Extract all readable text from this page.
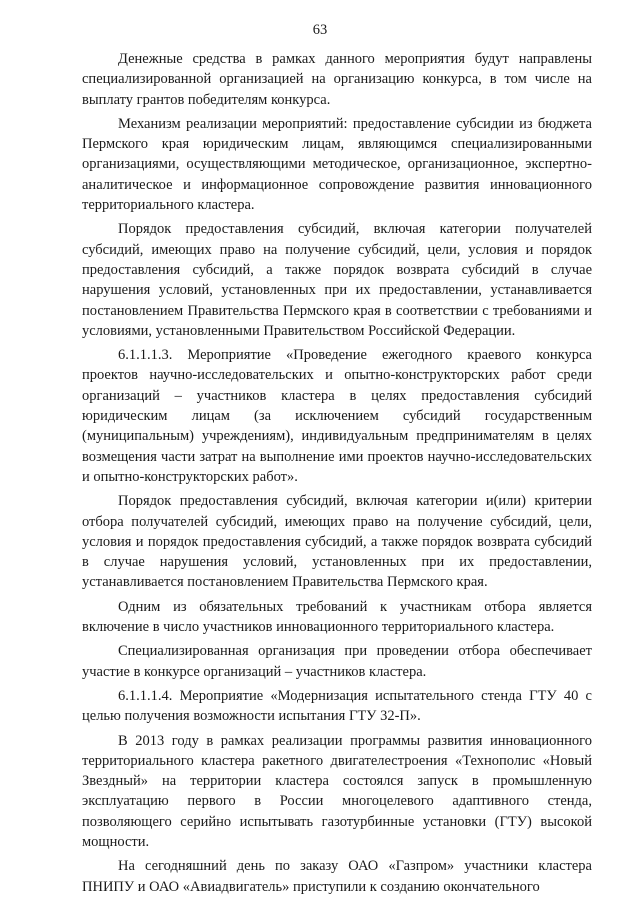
63

Денежные средства в рамках данного мероприятия будут направлены специализированной организацией на организацию конкурса, в том числе на выплату грантов победителям конкурса.

Механизм реализации мероприятий: предоставление субсидии из бюджета Пермского края юридическим лицам, являющимся специализированными организациями, осуществляющими методическое, организационное, экспертно-аналитическое и информационное сопровождение развития инновационного территориального кластера.

Порядок предоставления субсидий, включая категории получателей субсидий, имеющих право на получение субсидий, цели, условия и порядок предоставления субсидий, а также порядок возврата субсидий в случае нарушения условий, установленных при их предоставлении, устанавливается постановлением Правительства Пермского края в соответствии с требованиями и условиями, установленными Правительством Российской Федерации.

6.1.1.1.3. Мероприятие «Проведение ежегодного краевого конкурса проектов научно-исследовательских и опытно-конструкторских работ среди организаций – участников кластера в целях предоставления субсидий юридическим лицам (за исключением субсидий государственным (муниципальным) учреждениям), индивидуальным предпринимателям в целях возмещения части затрат на выполнение ими проектов научно-исследовательских и опытно-конструкторских работ».

Порядок предоставления субсидий, включая категории и(или) критерии отбора получателей субсидий, имеющих право на получение субсидий, цели, условия и порядок предоставления субсидий, а также порядок возврата субсидий в случае нарушения условий, установленных при их предоставлении, устанавливается постановлением Правительства Пермского края.

Одним из обязательных требований к участникам отбора является включение в число участников инновационного территориального кластера.

Специализированная организация при проведении отбора обеспечивает участие в конкурсе организаций – участников кластера.

6.1.1.1.4. Мероприятие «Модернизация испытательного стенда ГТУ 40 с целью получения возможности испытания ГТУ 32-П».

В 2013 году в рамках реализации программы развития инновационного территориального кластера ракетного двигателестроения «Технополис «Новый Звездный» на территории кластера состоялся запуск в промышленную эксплуатацию первого в России многоцелевого адаптивного стенда, позволяющего серийно испытывать газотурбинные установки (ГТУ) высокой мощности.

На сегодняшний день по заказу ОАО «Газпром» участники кластера ПНИПУ и ОАО «Авиадвигатель» приступили к созданию окончательного
